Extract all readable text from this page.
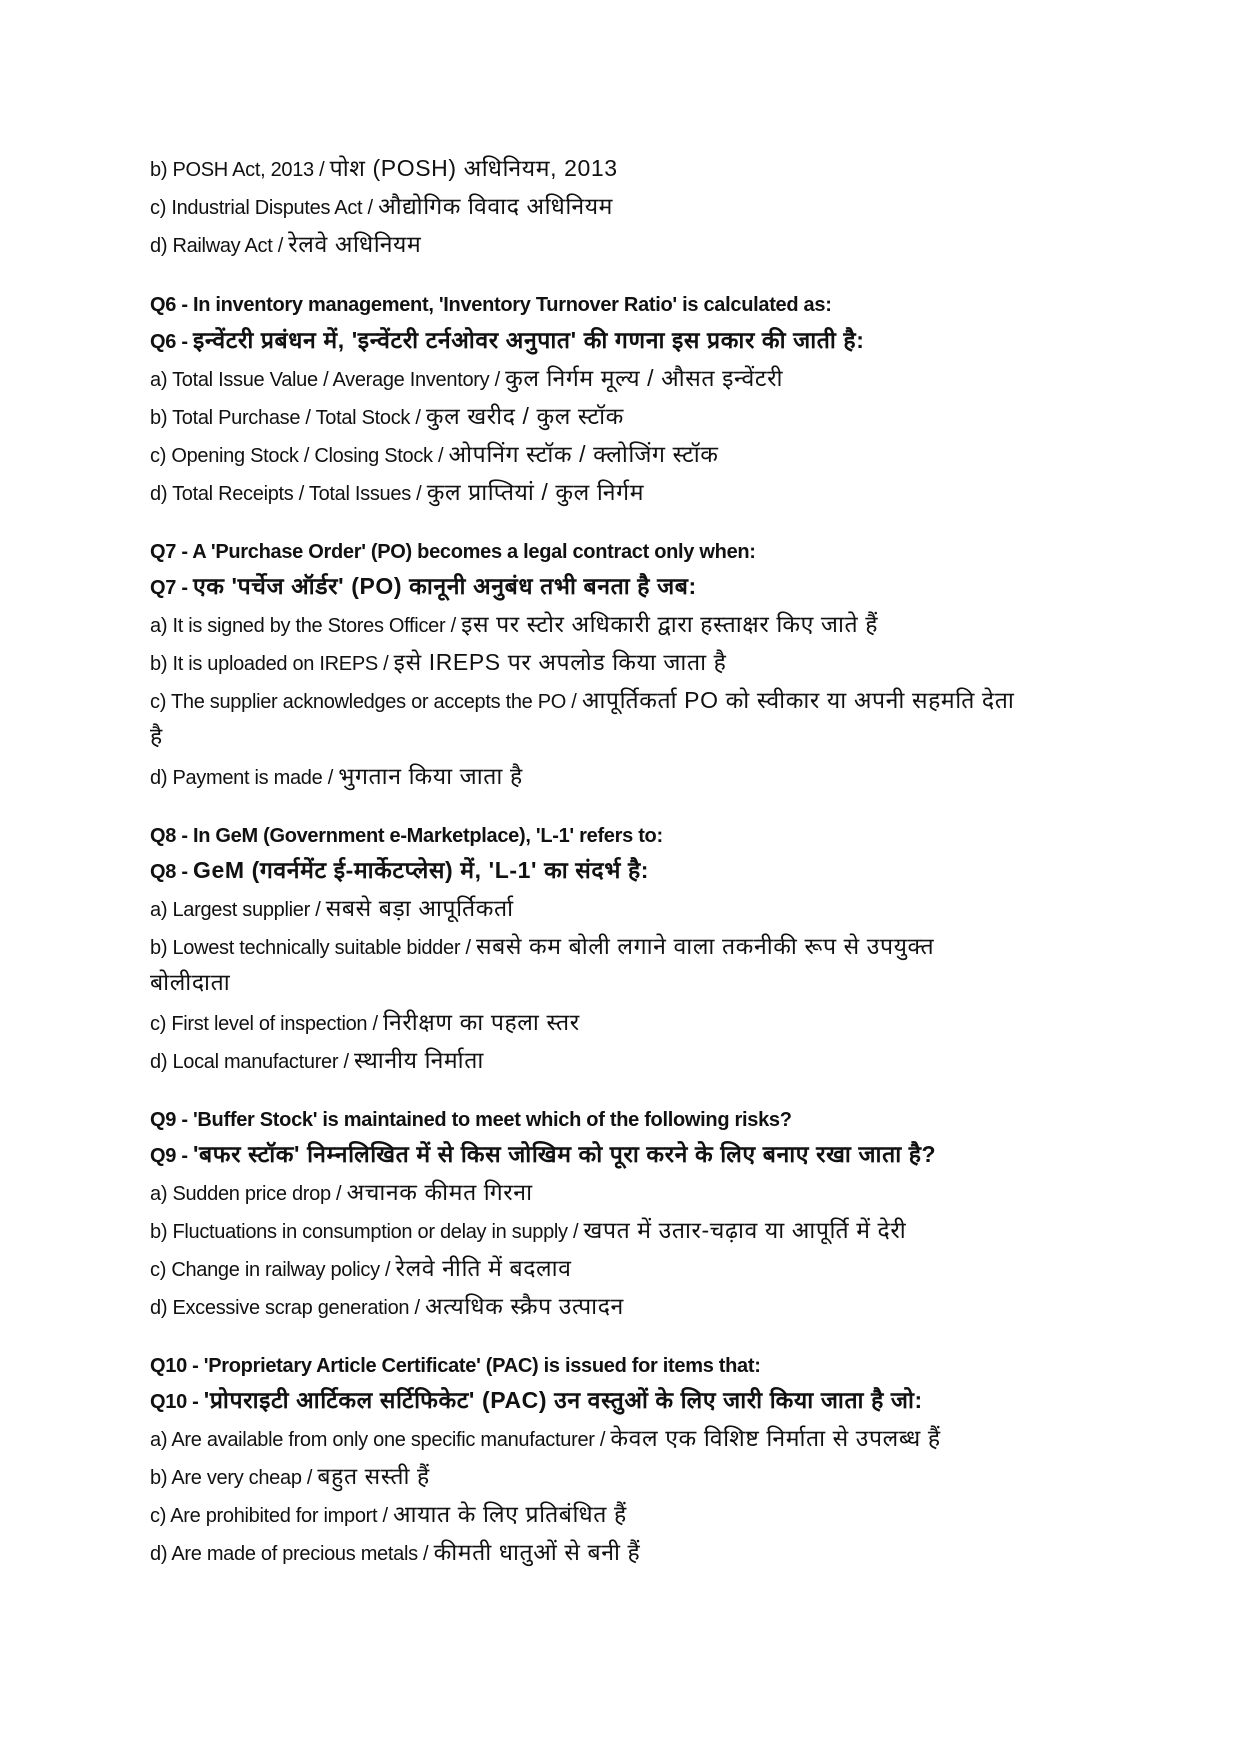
b) POSH Act, 2013 / पोश (POSH) अधिनियम, 2013
c) Industrial Disputes Act / औद्योगिक विवाद अधिनियम
d) Railway Act / रेलवे अधिनियम
Q6 - In inventory management, 'Inventory Turnover Ratio' is calculated as:
Q6 - इन्वेंटरी प्रबंधन में, 'इन्वेंटरी टर्नओवर अनुपात' की गणना इस प्रकार की जाती है:
a) Total Issue Value / Average Inventory / कुल निर्गम मूल्य / औसत इन्वेंटरी
b) Total Purchase / Total Stock / कुल खरीद / कुल स्टॉक
c) Opening Stock / Closing Stock / ओपनिंग स्टॉक / क्लोजिंग स्टॉक
d) Total Receipts / Total Issues / कुल प्राप्तियां / कुल निर्गम
Q7 - A 'Purchase Order' (PO) becomes a legal contract only when:
Q7 - एक 'पर्चेज ऑर्डर' (PO) कानूनी अनुबंध तभी बनता है जब:
a) It is signed by the Stores Officer / इस पर स्टोर अधिकारी द्वारा हस्ताक्षर किए जाते हैं
b) It is uploaded on IREPS / इसे IREPS पर अपलोड किया जाता है
c) The supplier acknowledges or accepts the PO / आपूर्तिकर्ता PO को स्वीकार या अपनी सहमति देता
है
d) Payment is made / भुगतान किया जाता है
Q8 - In GeM (Government e-Marketplace), 'L-1' refers to:
Q8 - GeM (गवर्नमेंट ई-मार्केटप्लेस) में, 'L-1' का संदर्भ है:
a) Largest supplier / सबसे बड़ा आपूर्तिकर्ता
b) Lowest technically suitable bidder / सबसे कम बोली लगाने वाला तकनीकी रूप से उपयुक्त
बोलीदाता
c) First level of inspection / निरीक्षण का पहला स्तर
d) Local manufacturer / स्थानीय निर्माता
Q9 - 'Buffer Stock' is maintained to meet which of the following risks?
Q9 - 'बफर स्टॉक' निम्नलिखित में से किस जोखिम को पूरा करने के लिए बनाए रखा जाता है?
a) Sudden price drop / अचानक कीमत गिरना
b) Fluctuations in consumption or delay in supply / खपत में उतार-चढ़ाव या आपूर्ति में देरी
c) Change in railway policy / रेलवे नीति में बदलाव
d) Excessive scrap generation / अत्यधिक स्क्रैप उत्पादन
Q10 - 'Proprietary Article Certificate' (PAC) is issued for items that:
Q10 - 'प्रोपराइटी आर्टिकल सर्टिफिकेट' (PAC) उन वस्तुओं के लिए जारी किया जाता है जो:
a) Are available from only one specific manufacturer / केवल एक विशिष्ट निर्माता से उपलब्ध हैं
b) Are very cheap / बहुत सस्ती हैं
c) Are prohibited for import / आयात के लिए प्रतिबंधित हैं
d) Are made of precious metals / कीमती धातुओं से बनी हैं
